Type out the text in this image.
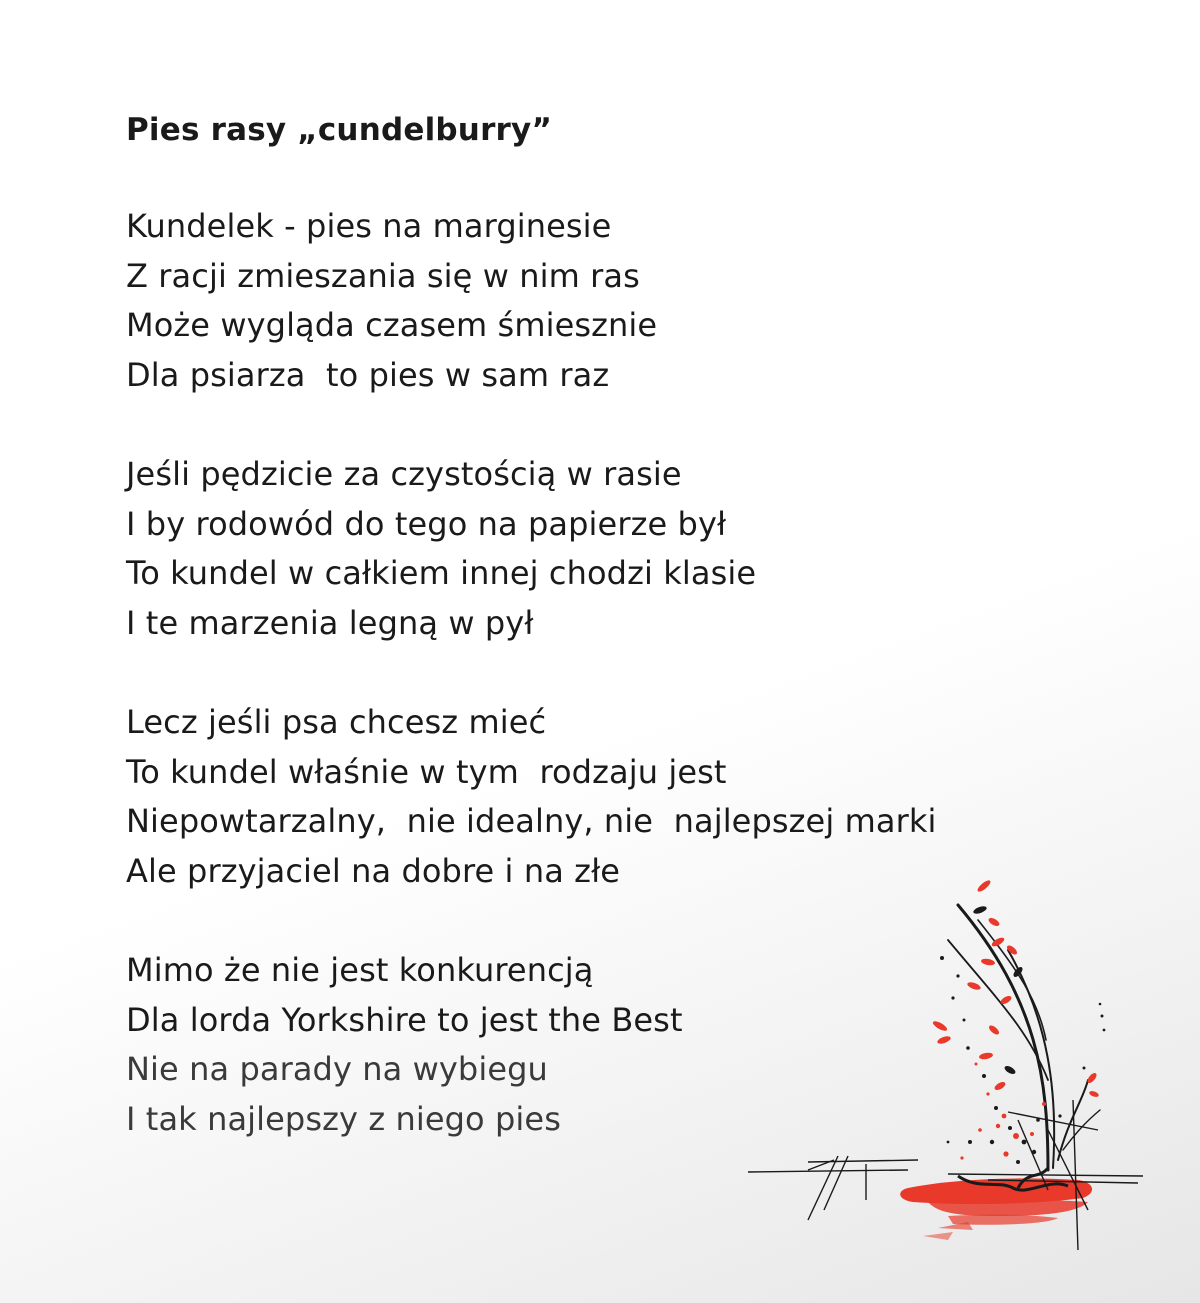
Pies rasy „cundelburry”
Kundelek - pies na marginesie
Z racji zmieszania się w nim ras
Może wygląda czasem śmiesznie
Dla psiarza  to pies w sam raz
Jeśli pędzicie za czystością w rasie
I by rodowód do tego na papierze był
To kundel w całkiem innej chodzi klasie
I te marzenia legną w pył
Lecz jeśli psa chcesz mieć
To kundel właśnie w tym  rodzaju jest
Niepowtarzalny,  nie idealny, nie  najlepszej marki
Ale przyjaciel na dobre i na złe
Mimo że nie jest konkurencją
Dla lorda Yorkshire to jest the Best
Nie na parady na wybiegu
I tak najlepszy z niego pies
